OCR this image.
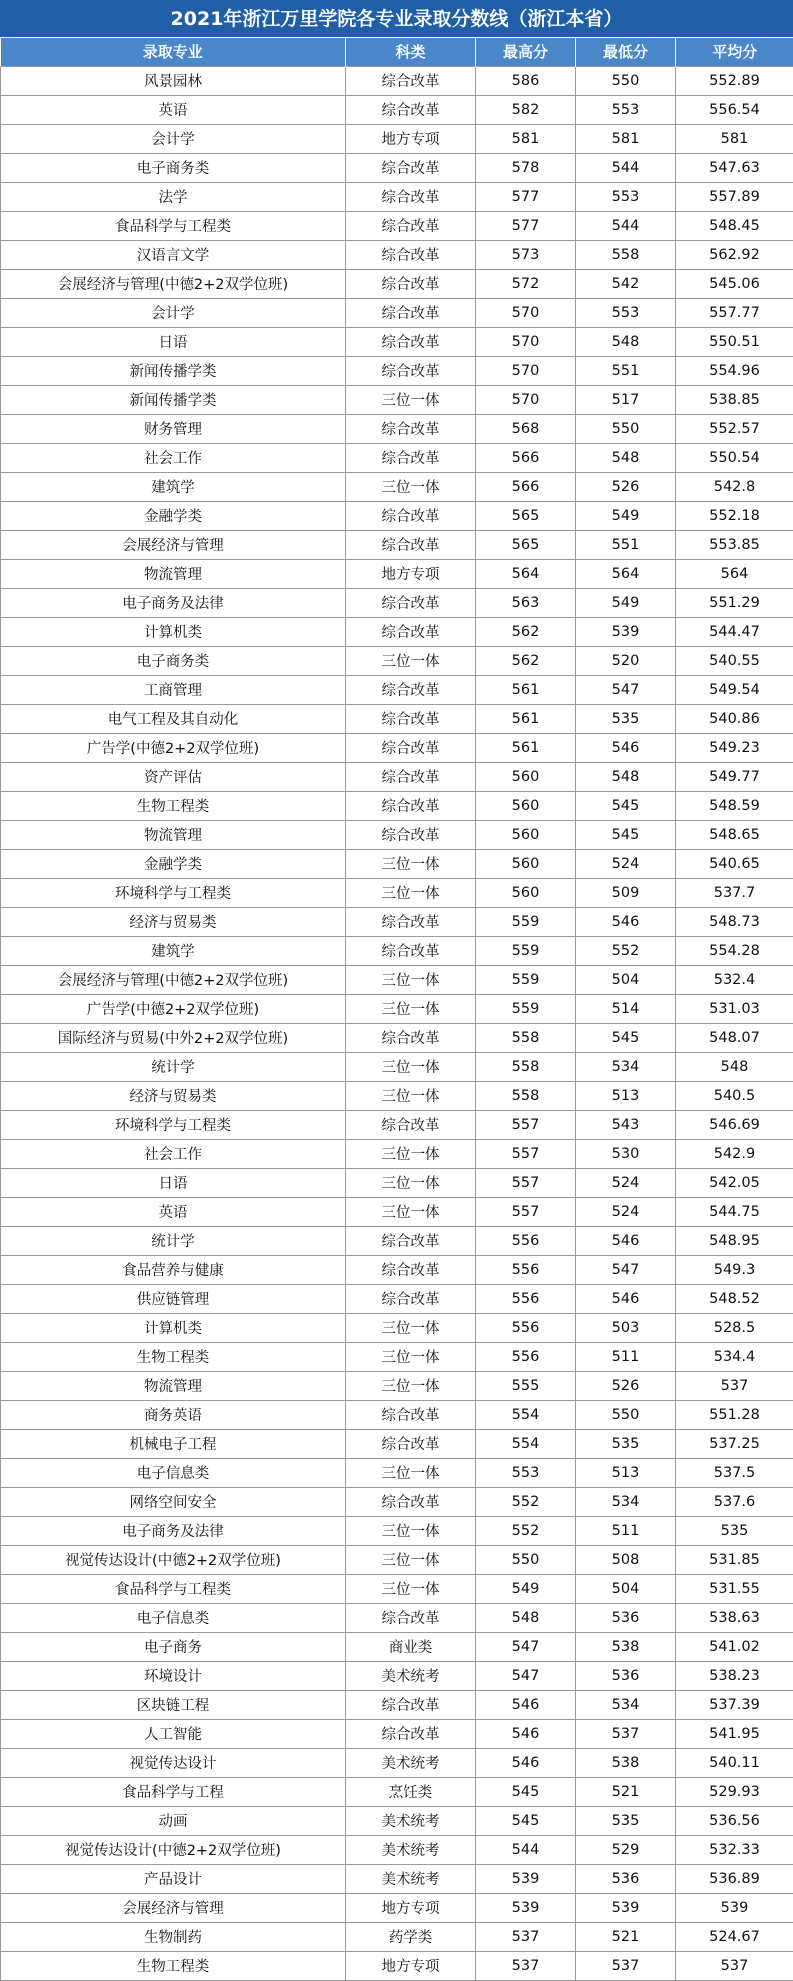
2021年浙江万里学院各专业录取分数线（浙江本省）
录取专业	科类	最高分	最低分	平均分
风景园林	综合改革	586	550	552.89
英语	综合改革	582	553	556.54
会计学	地方专项	581	581	581
电子商务类	综合改革	578	544	547.63
法学	综合改革	577	553	557.89
食品科学与工程类	综合改革	577	544	548.45
汉语言文学	综合改革	573	558	562.92
会展经济与管理(中德2+2双学位班)	综合改革	572	542	545.06
会计学	综合改革	570	553	557.77
日语	综合改革	570	548	550.51
新闻传播学类	综合改革	570	551	554.96
新闻传播学类	三位一体	570	517	538.85
财务管理	综合改革	568	550	552.57
社会工作	综合改革	566	548	550.54
建筑学	三位一体	566	526	542.8
金融学类	综合改革	565	549	552.18
会展经济与管理	综合改革	565	551	553.85
物流管理	地方专项	564	564	564
电子商务及法律	综合改革	563	549	551.29
计算机类	综合改革	562	539	544.47
电子商务类	三位一体	562	520	540.55
工商管理	综合改革	561	547	549.54
电气工程及其自动化	综合改革	561	535	540.86
广告学(中德2+2双学位班)	综合改革	561	546	549.23
资产评估	综合改革	560	548	549.77
生物工程类	综合改革	560	545	548.59
物流管理	综合改革	560	545	548.65
金融学类	三位一体	560	524	540.65
环境科学与工程类	三位一体	560	509	537.7
经济与贸易类	综合改革	559	546	548.73
建筑学	综合改革	559	552	554.28
会展经济与管理(中德2+2双学位班)	三位一体	559	504	532.4
广告学(中德2+2双学位班)	三位一体	559	514	531.03
国际经济与贸易(中外2+2双学位班)	综合改革	558	545	548.07
统计学	三位一体	558	534	548
经济与贸易类	三位一体	558	513	540.5
环境科学与工程类	综合改革	557	543	546.69
社会工作	三位一体	557	530	542.9
日语	三位一体	557	524	542.05
英语	三位一体	557	524	544.75
统计学	综合改革	556	546	548.95
食品营养与健康	综合改革	556	547	549.3
供应链管理	综合改革	556	546	548.52
计算机类	三位一体	556	503	528.5
生物工程类	三位一体	556	511	534.4
物流管理	三位一体	555	526	537
商务英语	综合改革	554	550	551.28
机械电子工程	综合改革	554	535	537.25
电子信息类	三位一体	553	513	537.5
网络空间安全	综合改革	552	534	537.6
电子商务及法律	三位一体	552	511	535
视觉传达设计(中德2+2双学位班)	三位一体	550	508	531.85
食品科学与工程类	三位一体	549	504	531.55
电子信息类	综合改革	548	536	538.63
电子商务	商业类	547	538	541.02
环境设计	美术统考	547	536	538.23
区块链工程	综合改革	546	534	537.39
人工智能	综合改革	546	537	541.95
视觉传达设计	美术统考	546	538	540.11
食品科学与工程	烹饪类	545	521	529.93
动画	美术统考	545	535	536.56
视觉传达设计(中德2+2双学位班)	美术统考	544	529	532.33
产品设计	美术统考	539	536	536.89
会展经济与管理	地方专项	539	539	539
生物制药	药学类	537	521	524.67
生物工程类	地方专项	537	537	537
